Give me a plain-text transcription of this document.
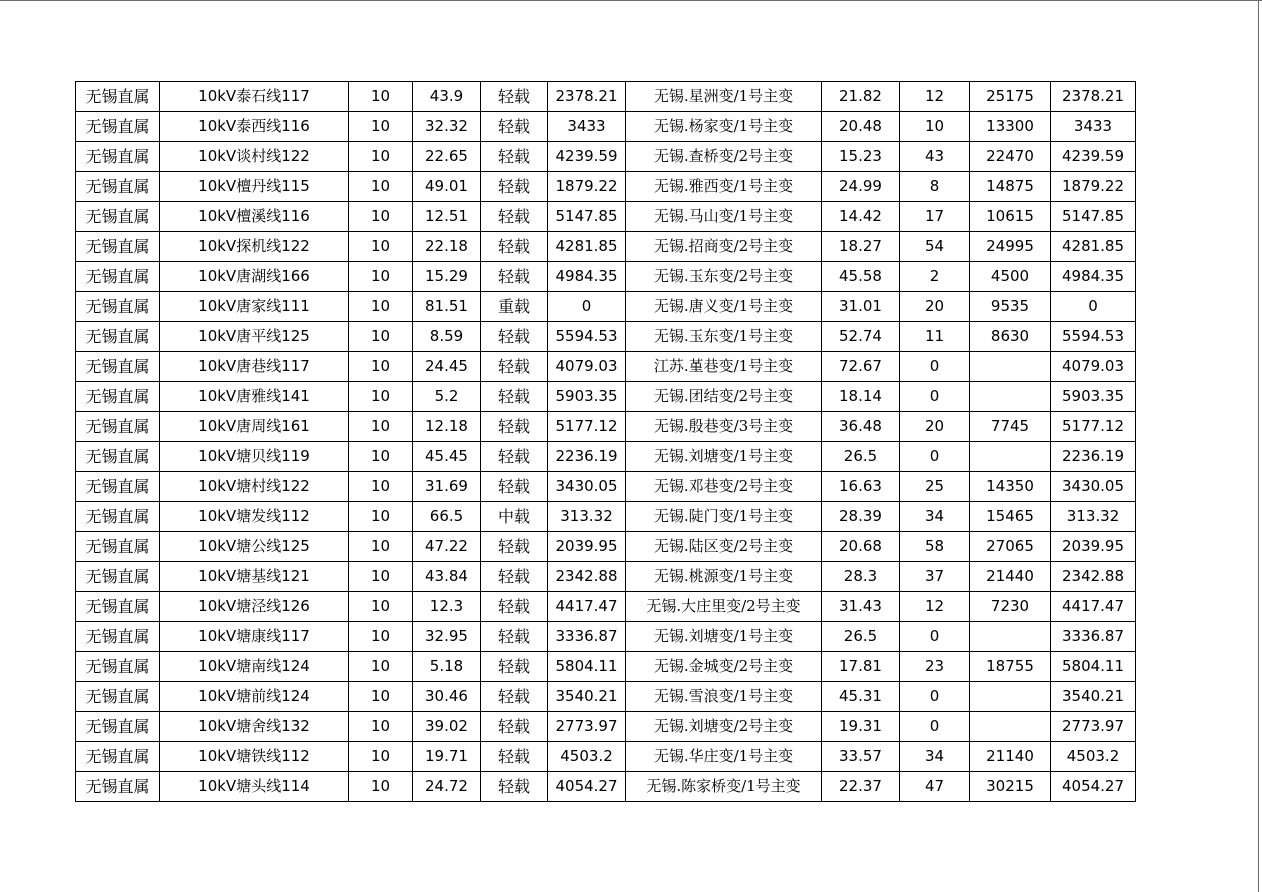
无锡直属	10kV泰石线117	10	43.9	轻载	2378.21	无锡.星洲变/1号主变	21.82	12	25175	2378.21
无锡直属	10kV泰西线116	10	32.32	轻载	3433	无锡.杨家变/1号主变	20.48	10	13300	3433
无锡直属	10kV谈村线122	10	22.65	轻载	4239.59	无锡.查桥变/2号主变	15.23	43	22470	4239.59
无锡直属	10kV檀丹线115	10	49.01	轻载	1879.22	无锡.雅西变/1号主变	24.99	8	14875	1879.22
无锡直属	10kV檀溪线116	10	12.51	轻载	5147.85	无锡.马山变/1号主变	14.42	17	10615	5147.85
无锡直属	10kV探机线122	10	22.18	轻载	4281.85	无锡.招商变/2号主变	18.27	54	24995	4281.85
无锡直属	10kV唐湖线166	10	15.29	轻载	4984.35	无锡.玉东变/2号主变	45.58	2	4500	4984.35
无锡直属	10kV唐家线111	10	81.51	重载	0	无锡.唐义变/1号主变	31.01	20	9535	0
无锡直属	10kV唐平线125	10	8.59	轻载	5594.53	无锡.玉东变/1号主变	52.74	11	8630	5594.53
无锡直属	10kV唐巷线117	10	24.45	轻载	4079.03	江苏.堇巷变/1号主变	72.67	0		4079.03
无锡直属	10kV唐雅线141	10	5.2	轻载	5903.35	无锡.团结变/2号主变	18.14	0		5903.35
无锡直属	10kV唐周线161	10	12.18	轻载	5177.12	无锡.殷巷变/3号主变	36.48	20	7745	5177.12
无锡直属	10kV塘贝线119	10	45.45	轻载	2236.19	无锡.刘塘变/1号主变	26.5	0		2236.19
无锡直属	10kV塘村线122	10	31.69	轻载	3430.05	无锡.邓巷变/2号主变	16.63	25	14350	3430.05
无锡直属	10kV塘发线112	10	66.5	中载	313.32	无锡.陡门变/1号主变	28.39	34	15465	313.32
无锡直属	10kV塘公线125	10	47.22	轻载	2039.95	无锡.陆区变/2号主变	20.68	58	27065	2039.95
无锡直属	10kV塘基线121	10	43.84	轻载	2342.88	无锡.桃源变/1号主变	28.3	37	21440	2342.88
无锡直属	10kV塘泾线126	10	12.3	轻载	4417.47	无锡.大庄里变/2号主变	31.43	12	7230	4417.47
无锡直属	10kV塘康线117	10	32.95	轻载	3336.87	无锡.刘塘变/1号主变	26.5	0		3336.87
无锡直属	10kV塘南线124	10	5.18	轻载	5804.11	无锡.金城变/2号主变	17.81	23	18755	5804.11
无锡直属	10kV塘前线124	10	30.46	轻载	3540.21	无锡.雪浪变/1号主变	45.31	0		3540.21
无锡直属	10kV塘舍线132	10	39.02	轻载	2773.97	无锡.刘塘变/2号主变	19.31	0		2773.97
无锡直属	10kV塘铁线112	10	19.71	轻载	4503.2	无锡.华庄变/1号主变	33.57	34	21140	4503.2
无锡直属	10kV塘头线114	10	24.72	轻载	4054.27	无锡.陈家桥变/1号主变	22.37	47	30215	4054.27
